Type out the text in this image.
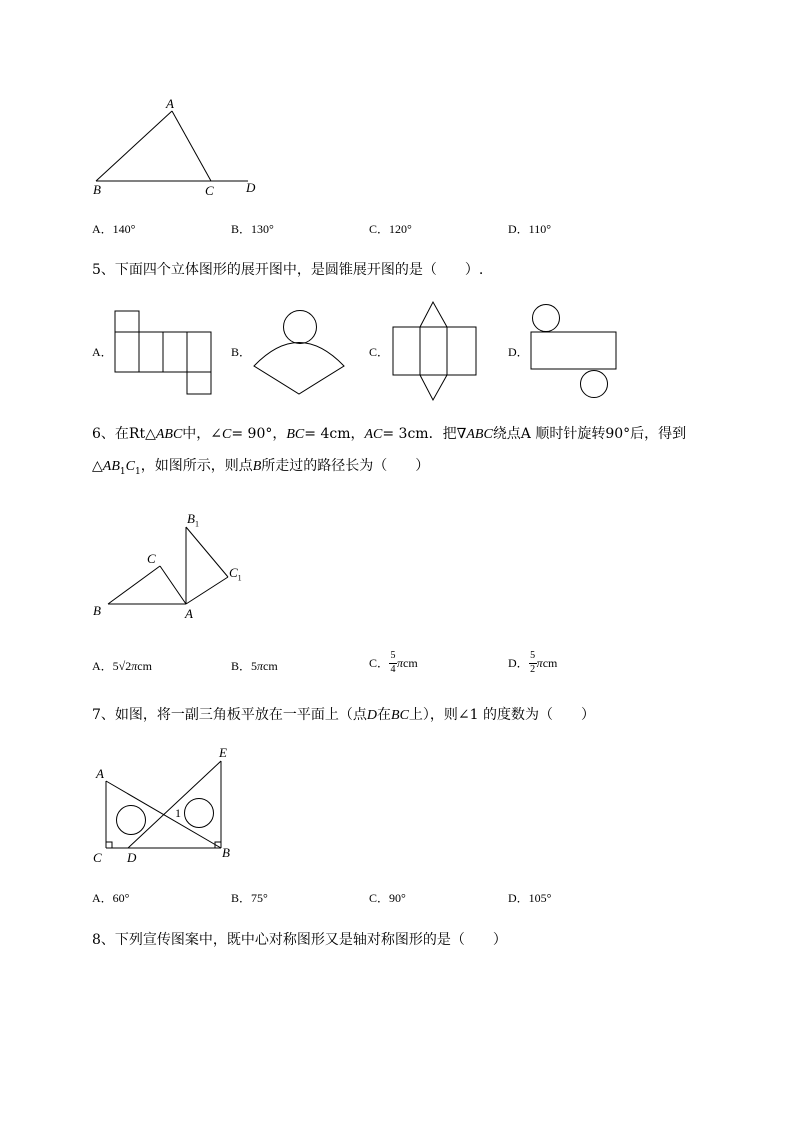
A
B	C D
A．140°	B．130°	C．120°	D．110°
5、下面四个立体图形的展开图中，是圆锥展开图的是（　　）.
A．	B．	C．	D．
6、在Rt△ABC中，∠C= 90°，BC= 4cm，AC= 3cm．把∇ABC绕点A 顺时针旋转90°后，得到
$\triangle AB_1C_1$，如图所示，则点B所走过的路径长为（　　）
B
C
A
$B_1$
$C_1$
A．5√2πcm	B．5πcm	C． $\frac{5}{4}$ π cm	D． $\frac{5}{2}$ π cm
7、如图，将一副三角板平放在一平面上（点D在BC上），则∠1 的度数为（　　）
A
E
C D	B
1
A．60°	B．75°	C．90°	D．105°
8、下列宣传图案中，既中心对称图形又是轴对称图形的是（　　）
